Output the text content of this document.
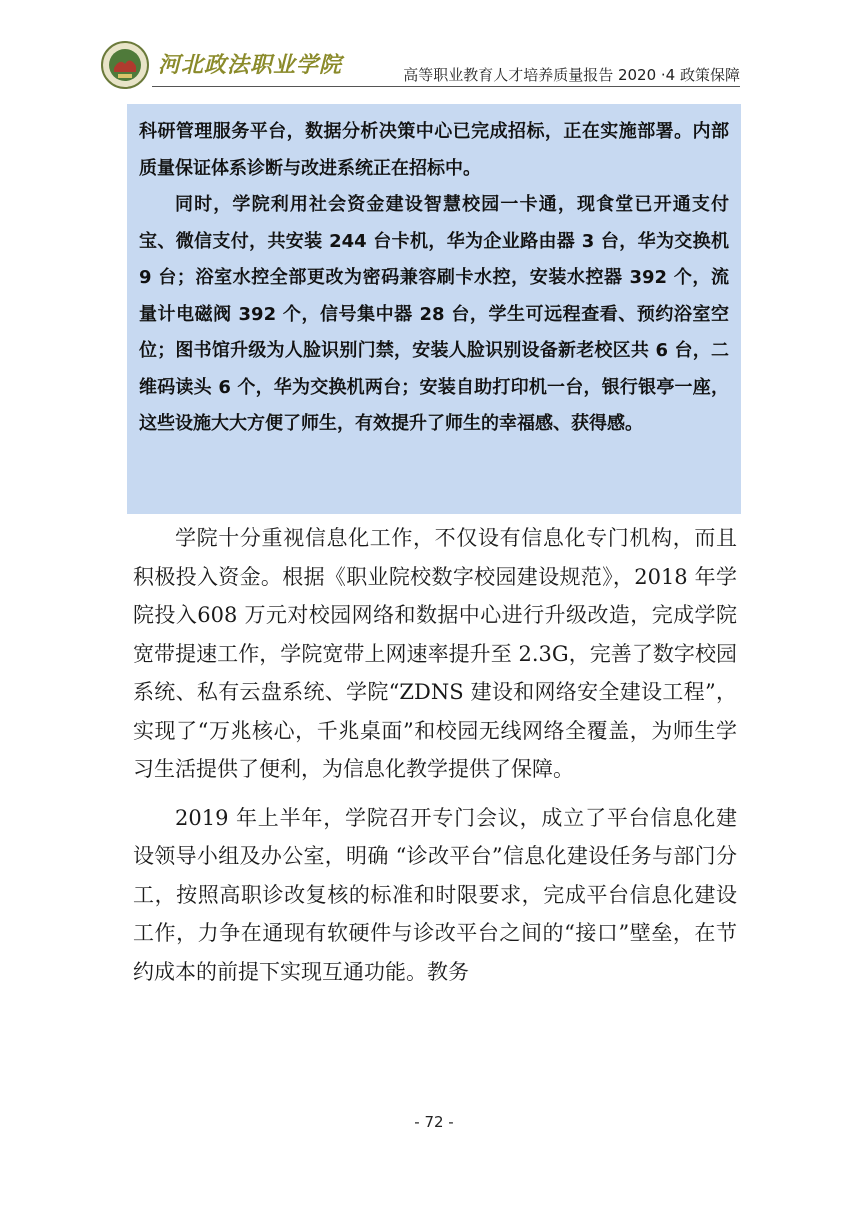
河北政法职业学院	高等职业教育人才培养质量报告 2020 ·4 政策保障

科研管理服务平台，数据分析决策中心已完成招标，正在实施部署。内部质量保证体系诊断与改进系统正在招标中。

同时，学院利用社会资金建设智慧校园一卡通，现食堂已开通支付宝、微信支付，共安装 244 台卡机，华为企业路由器 3 台，华为交换机 9 台；浴室水控全部更改为密码兼容刷卡水控，安装水控器 392 个，流量计电磁阀 392 个，信号集中器 28 台，学生可远程查看、预约浴室空位；图书馆升级为人脸识别门禁，安装人脸识别设备新老校区共 6 台，二维码读头 6 个，华为交换机两台；安装自助打印机一台，银行银亭一座，这些设施大大方便了师生，有效提升了师生的幸福感、获得感。

学院十分重视信息化工作，不仅设有信息化专门机构，而且积极投入资金。根据《职业院校数字校园建设规范》，2018 年学院投入608 万元对校园网络和数据中心进行升级改造，完成学院宽带提速工作，学院宽带上网速率提升至 2.3G，完善了数字校园系统、私有云盘系统、学院“ZDNS 建设和网络安全建设工程”，实现了“万兆核心，千兆桌面”和校园无线网络全覆盖，为师生学习生活提供了便利，为信息化教学提供了保障。

2019 年上半年，学院召开专门会议，成立了平台信息化建设领导小组及办公室，明确 “诊改平台”信息化建设任务与部门分工，按照高职诊改复核的标准和时限要求，完成平台信息化建设工作，力争在通现有软硬件与诊改平台之间的“接口”壁垒，在节约成本的前提下实现互通功能。教务

- 72 -
